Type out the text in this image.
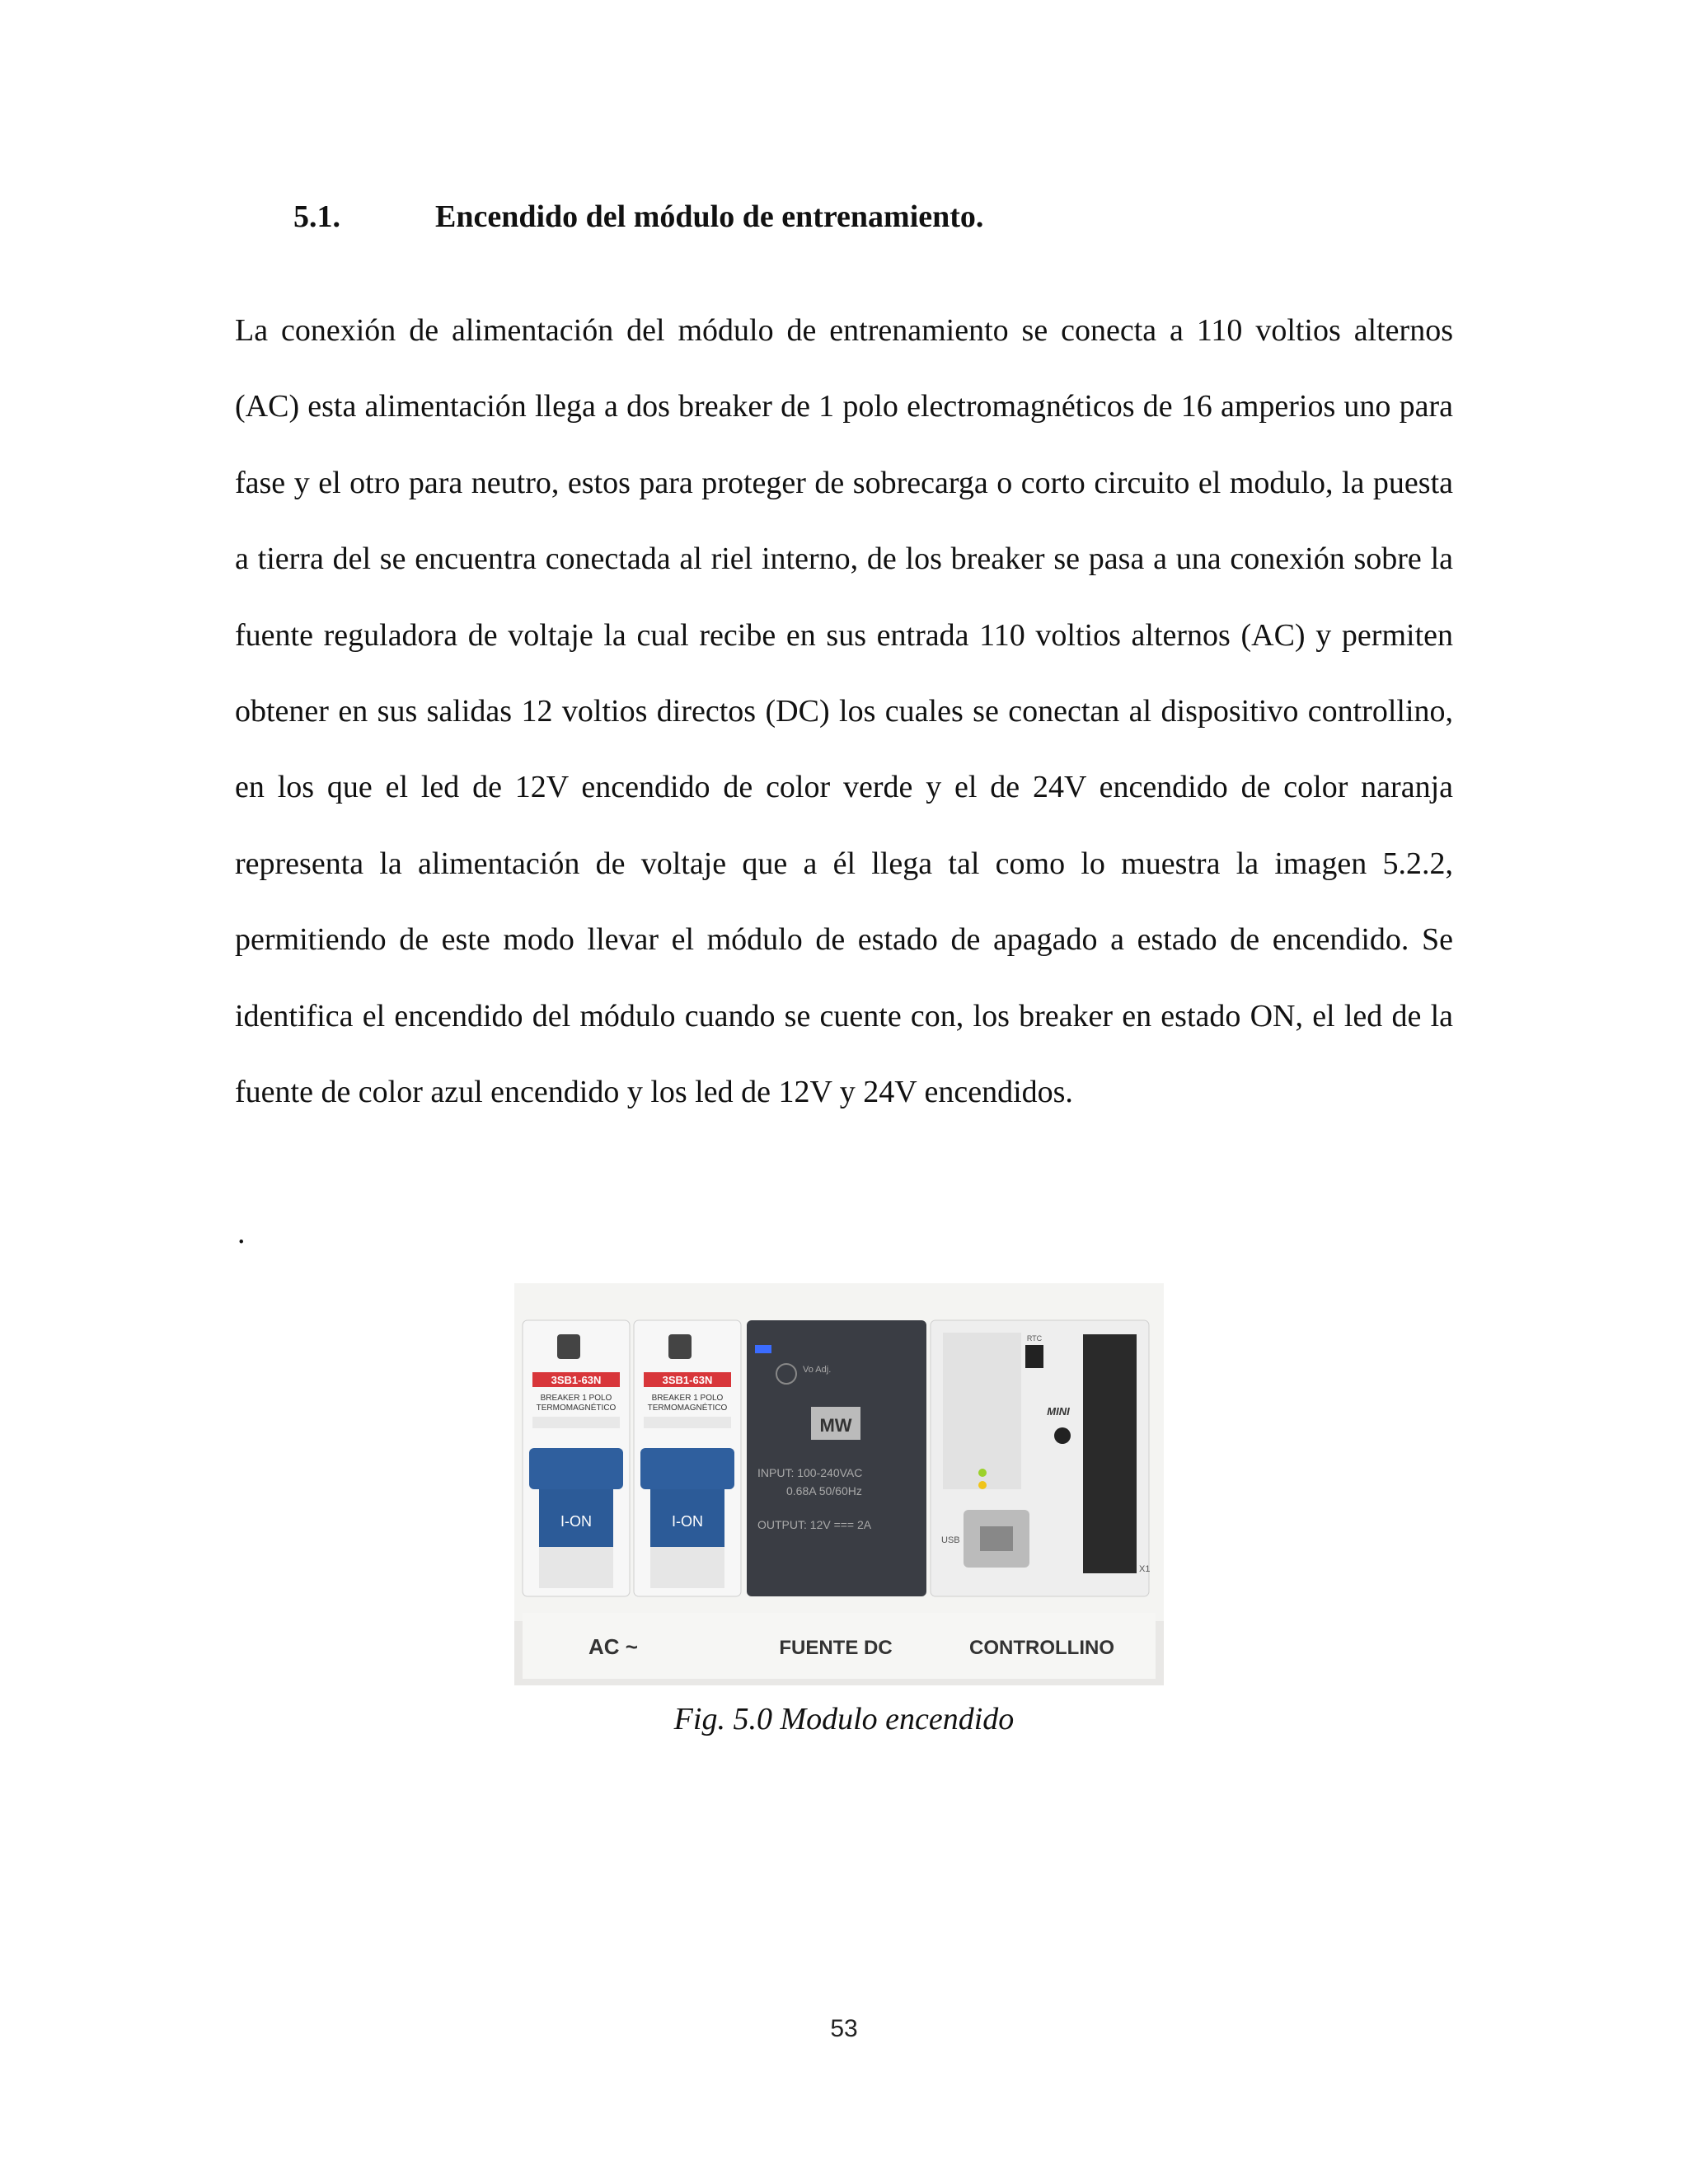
5.1.	Encendido del módulo de entrenamiento.

La conexión de alimentación del módulo de entrenamiento se conecta a 110 voltios alternos (AC) esta alimentación llega a dos breaker de 1 polo electromagnéticos de 16 amperios uno para fase y el otro para neutro, estos para proteger de sobrecarga o corto circuito el modulo, la puesta a tierra del se encuentra conectada al riel interno, de los breaker se pasa a una conexión sobre la fuente reguladora de voltaje la cual recibe en sus entrada 110 voltios alternos (AC) y permiten obtener en sus salidas 12 voltios directos (DC) los cuales se conectan al dispositivo controllino, en los que el led de 12V encendido de color verde y el de 24V encendido de color naranja representa la alimentación de voltaje que a él llega tal como lo muestra la imagen 5.2.2, permitiendo de este modo llevar el módulo de estado de apagado a estado de encendido. Se identifica el encendido del módulo cuando se cuente con, los breaker en estado ON, el led de la fuente de color azul encendido y los led de 12V y 24V encendidos.

.
3SB1-63N
BREAKER 1 POLO
TERMOMAGNÉTICO
I-ON
3SB1-63N
BREAKER 1 POLO
TERMOMAGNÉTICO
I-ON
Vo Adj.
MW
INPUT: 100-240VAC
0.68A 50/60Hz
OUTPUT: 12V === 2A
RTC
MINI
USB
X1
AC ~	FUENTE DC	CONTROLLINO
Fig. 5.0 Modulo encendido
53
